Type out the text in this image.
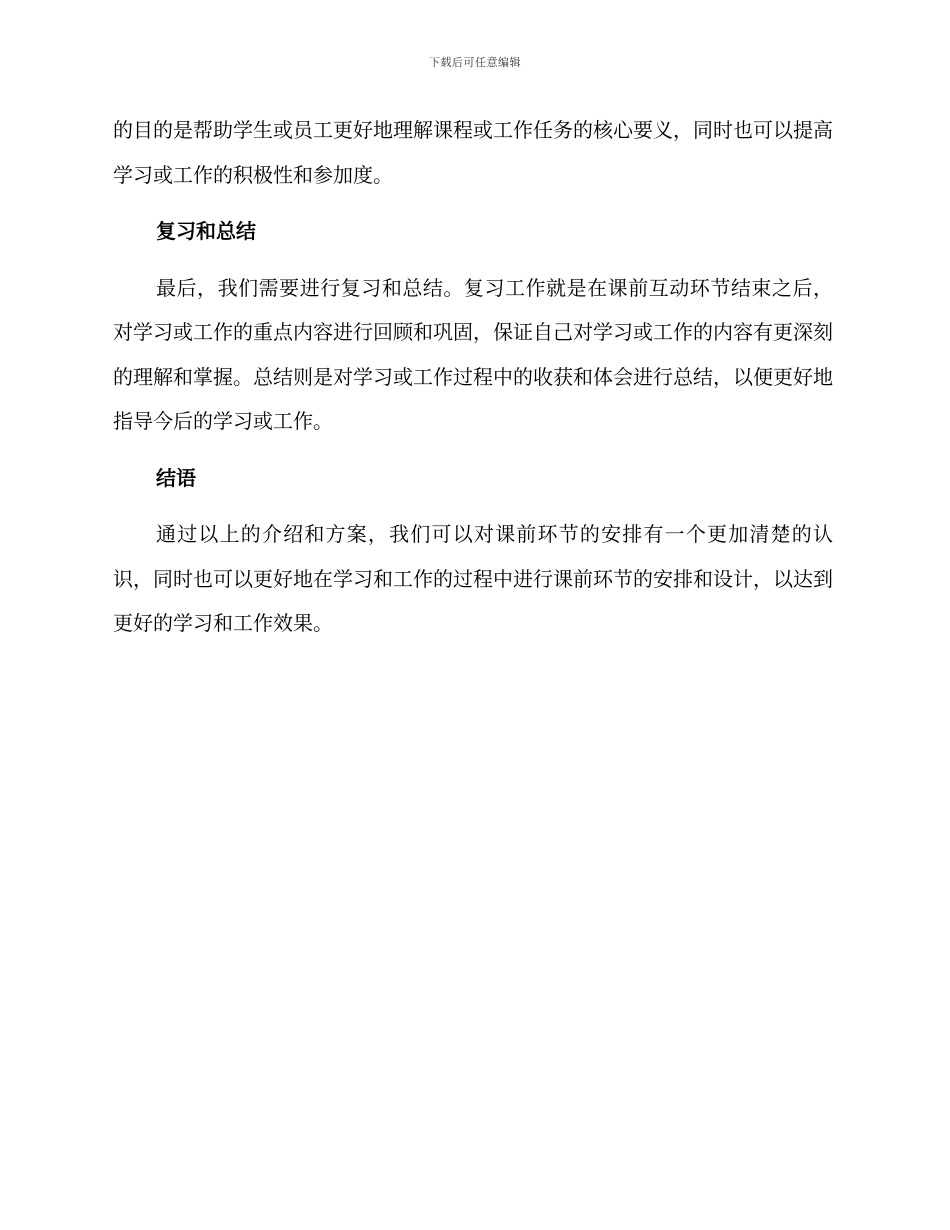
下载后可任意编辑

的目的是帮助学生或员工更好地理解课程或工作任务的核心要义，同时也可以提高学习或工作的积极性和参加度。

复习和总结

最后，我们需要进行复习和总结。复习工作就是在课前互动环节结束之后，对学习或工作的重点内容进行回顾和巩固，保证自己对学习或工作的内容有更深刻的理解和掌握。总结则是对学习或工作过程中的收获和体会进行总结，以便更好地指导今后的学习或工作。

结语

通过以上的介绍和方案，我们可以对课前环节的安排有一个更加清楚的认识，同时也可以更好地在学习和工作的过程中进行课前环节的安排和设计，以达到更好的学习和工作效果。
